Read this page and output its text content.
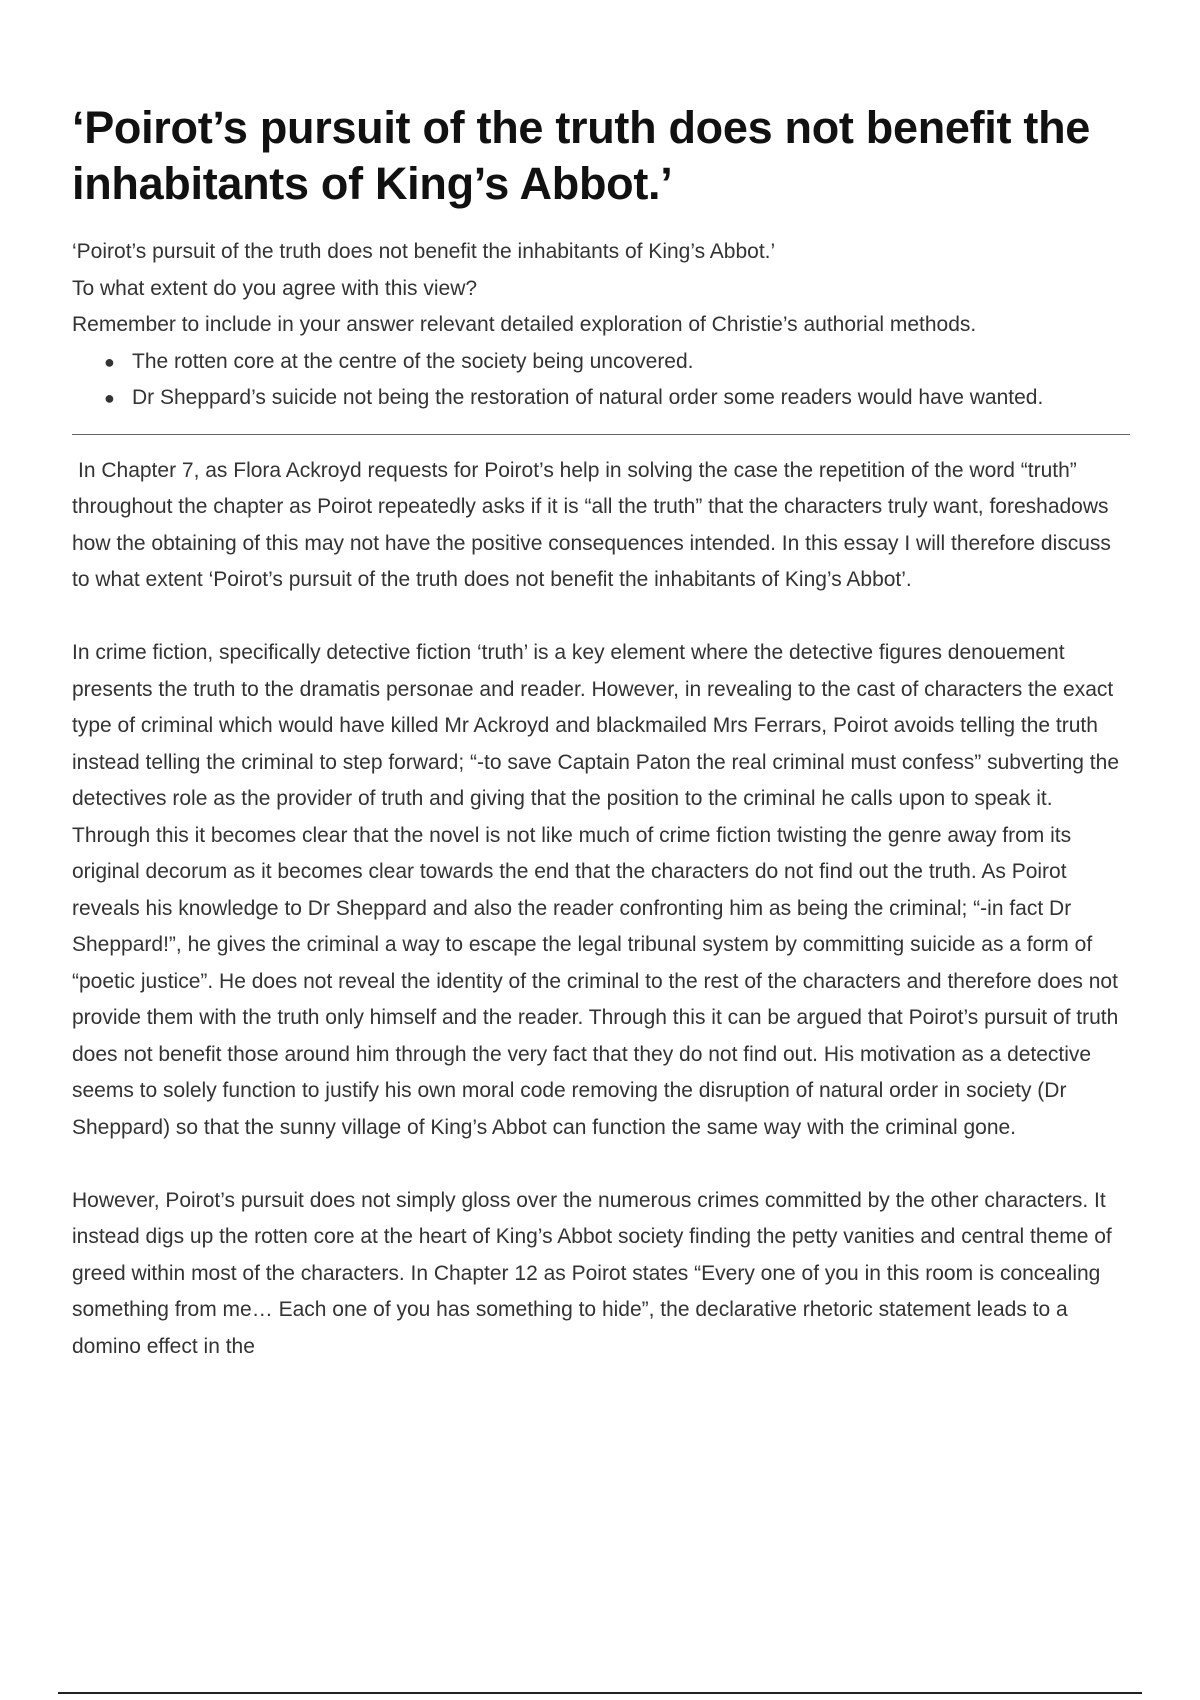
‘Poirot’s pursuit of the truth does not benefit the inhabitants of King’s Abbot.’

‘Poirot’s pursuit of the truth does not benefit the inhabitants of King’s Abbot.’

To what extent do you agree with this view?

Remember to include in your answer relevant detailed exploration of Christie’s authorial methods.

● The rotten core at the centre of the society being uncovered.
● Dr Sheppard’s suicide not being the restoration of natural order some readers would have wanted.

In Chapter 7, as Flora Ackroyd requests for Poirot’s help in solving the case the repetition of the word “truth” throughout the chapter as Poirot repeatedly asks if it is “all the truth” that the characters truly want, foreshadows how the obtaining of this may not have the positive consequences intended. In this essay I will therefore discuss to what extent ‘Poirot’s pursuit of the truth does not benefit the inhabitants of King’s Abbot’.

In crime fiction, specifically detective fiction ‘truth’ is a key element where the detective figures denouement presents the truth to the dramatis personae and reader. However, in revealing to the cast of characters the exact type of criminal which would have killed Mr Ackroyd and blackmailed Mrs Ferrars, Poirot avoids telling the truth instead telling the criminal to step forward; “-to save Captain Paton the real criminal must confess” subverting the detectives role as the provider of truth and giving that the position to the criminal he calls upon to speak it. Through this it becomes clear that the novel is not like much of crime fiction twisting the genre away from its original decorum as it becomes clear towards the end that the characters do not find out the truth. As Poirot reveals his knowledge to Dr Sheppard and also the reader confronting him as being the criminal; “-in fact Dr Sheppard!”, he gives the criminal a way to escape the legal tribunal system by committing suicide as a form of “poetic justice”. He does not reveal the identity of the criminal to the rest of the characters and therefore does not provide them with the truth only himself and the reader. Through this it can be argued that Poirot’s pursuit of truth does not benefit those around him through the very fact that they do not find out. His motivation as a detective seems to solely function to justify his own moral code removing the disruption of natural order in society (Dr Sheppard) so that the sunny village of King’s Abbot can function the same way with the criminal gone.

However, Poirot’s pursuit does not simply gloss over the numerous crimes committed by the other characters. It instead digs up the rotten core at the heart of King’s Abbot society finding the petty vanities and central theme of greed within most of the characters. In Chapter 12 as Poirot states “Every one of you in this room is concealing something from me… Each one of you has something to hide”, the declarative rhetoric statement leads to a domino effect in the
